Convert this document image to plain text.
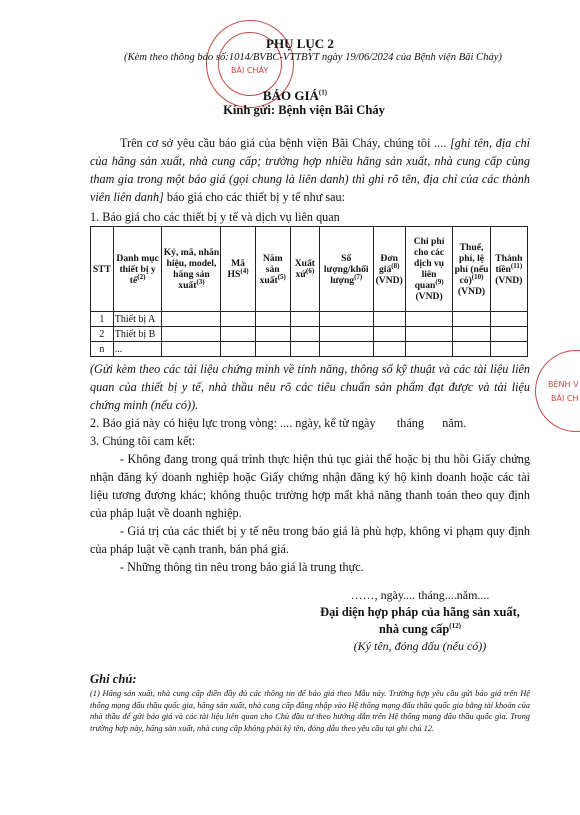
BÃI CHÁY
BỆNH V
BÃI CH
PHỤ LỤC 2
(Kèm theo thông báo số:1014/BVBC-VTTBYT ngày 19/06/2024 của Bệnh viện Bãi Cháy)
BÁO GIÁ$^{(1)}$
Kính gửi: Bệnh viện Bãi Cháy
Trên cơ sở yêu cầu báo giá của bệnh viện Bãi Cháy, chúng tôi .... [ghi tên, địa chỉ của hãng sản xuất, nhà cung cấp; trường hợp nhiều hãng sản xuất, nhà cung cấp cùng tham gia trong một báo giá (gọi chung là liên danh) thì ghi rõ tên, địa chỉ của các thành viên liên danh] báo giá cho các thiết bị y tế như sau:
1. Báo giá cho các thiết bị y tế và dịch vụ liên quan
STT	Danh mục thiết bị y tế$^{(2)}$	Ký, mã, nhãn hiệu, model, hãng sản xuất$^{(3)}$	Mã HS$^{(4)}$	Năm sản xuất$^{(5)}$	Xuất xứ$^{(6)}$	Số lượng/khối lượng$^{(7)}$	Đơn giá$^{(8)}$ (VND)	Chi phí cho các dịch vụ liên quan$^{(9)}$ (VND)	Thuế, phí, lệ phí (nếu có)$^{(10)}$ (VND)	Thành tiền$^{(11)}$ (VND)
1	Thiết bị A									
2	Thiết bị B									
n	...									
(Gửi kèm theo các tài liệu chứng minh về tính năng, thông số kỹ thuật và các tài liệu liên quan của thiết bị y tế, nhà thầu nêu rõ các tiêu chuẩn sản phẩm đạt được và tài liệu chứng minh (nếu có)).
2. Báo giá này có hiệu lực trong vòng: .... ngày, kể từ ngày       tháng      năm.
3. Chúng tôi cam kết:
- Không đang trong quá trình thực hiện thủ tục giải thể hoặc bị thu hồi Giấy chứng nhận đăng ký doanh nghiệp hoặc Giấy chứng nhận đăng ký hộ kinh doanh hoặc các tài liệu tương đương khác; không thuộc trường hợp mất khả năng thanh toán theo quy định của pháp luật về doanh nghiệp.
- Giá trị của các thiết bị y tế nêu trong báo giá là phù hợp, không vi phạm quy định của pháp luật về cạnh tranh, bán phá giá.
- Những thông tin nêu trong báo giá là trung thực.
……, ngày.... tháng....năm....
Đại diện hợp pháp của hãng sản xuất,
nhà cung cấp$^{(12)}$
(Ký tên, đóng dấu (nếu có))
Ghi chú:
(1) Hãng sản xuất, nhà cung cấp điền đầy đủ các thông tin để báo giá theo Mẫu này. Trường hợp yêu cầu gửi báo giá trên Hệ thống mạng đấu thầu quốc gia, hãng sản xuất, nhà cung cấp đăng nhập vào Hệ thống mạng đấu thầu quốc gia bằng tài khoản của nhà thầu để gửi báo giá và các tài liệu liên quan cho Chủ đầu tư theo hướng dẫn trên Hệ thống mạng đấu thầu quốc gia. Trong trường hợp này, hãng sản xuất, nhà cung cấp không phải ký tên, đóng dấu theo yêu cầu tại ghi chú 12.
